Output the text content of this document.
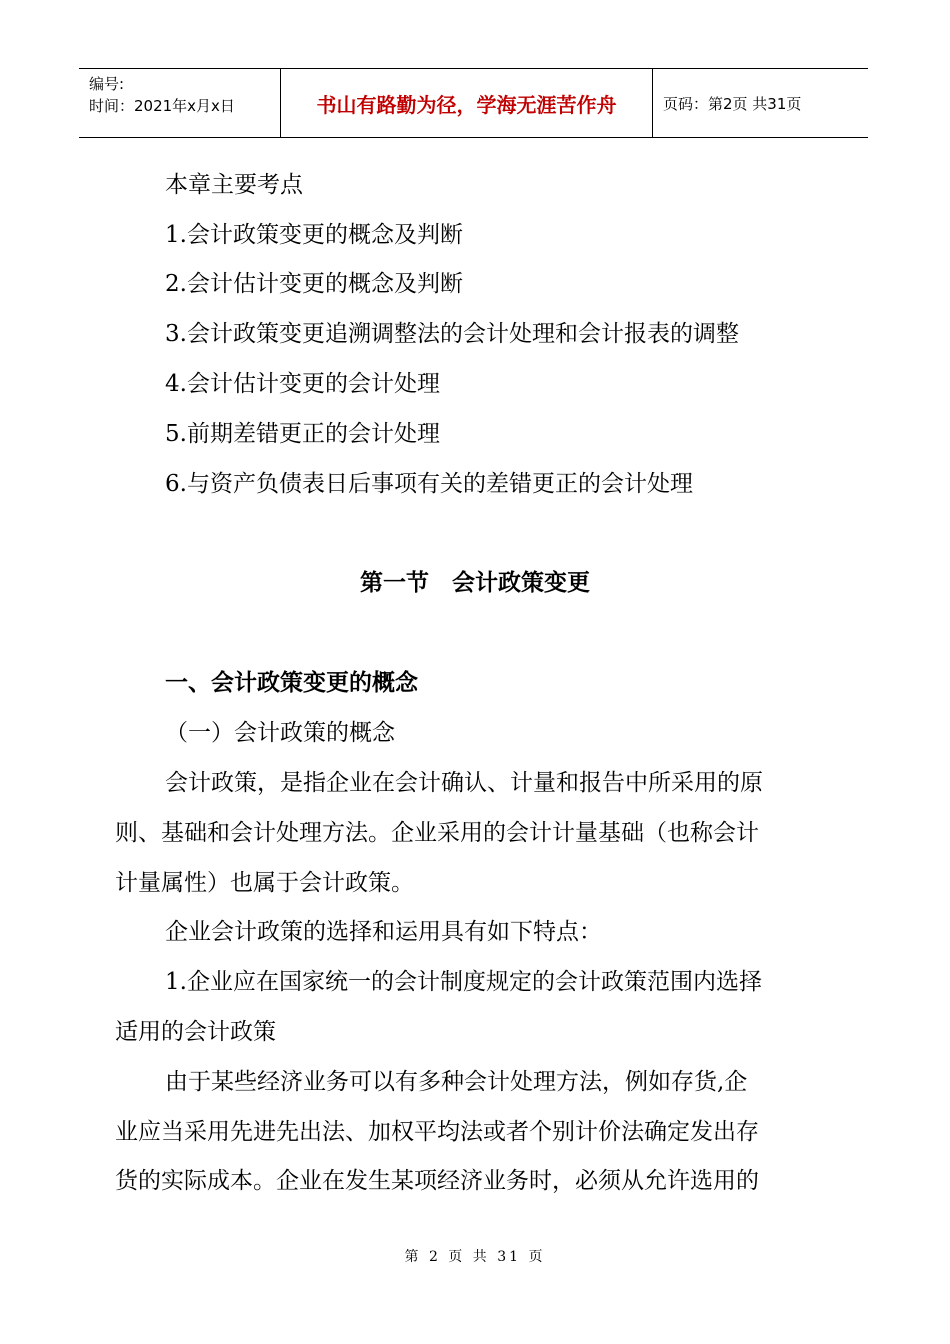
编号:
时间：2021年x月x日	书山有路勤为径，学海无涯苦作舟	页码：第2页 共31页
本章主要考点
1.会计政策变更的概念及判断
2.会计估计变更的概念及判断
3.会计政策变更追溯调整法的会计处理和会计报表的调整
4.会计估计变更的会计处理
5.前期差错更正的会计处理
6.与资产负债表日后事项有关的差错更正的会计处理
第一节　会计政策变更
一、会计政策变更的概念
（一）会计政策的概念
会计政策，是指企业在会计确认、计量和报告中所采用的原
则、基础和会计处理方法。企业采用的会计计量基础（也称会计
计量属性）也属于会计政策。
企业会计政策的选择和运用具有如下特点：
1.企业应在国家统一的会计制度规定的会计政策范围内选择
适用的会计政策
由于某些经济业务可以有多种会计处理方法，例如存货,企
业应当采用先进先出法、加权平均法或者个别计价法确定发出存
货的实际成本。企业在发生某项经济业务时，必须从允许选用的
第 2 页 共 31 页
